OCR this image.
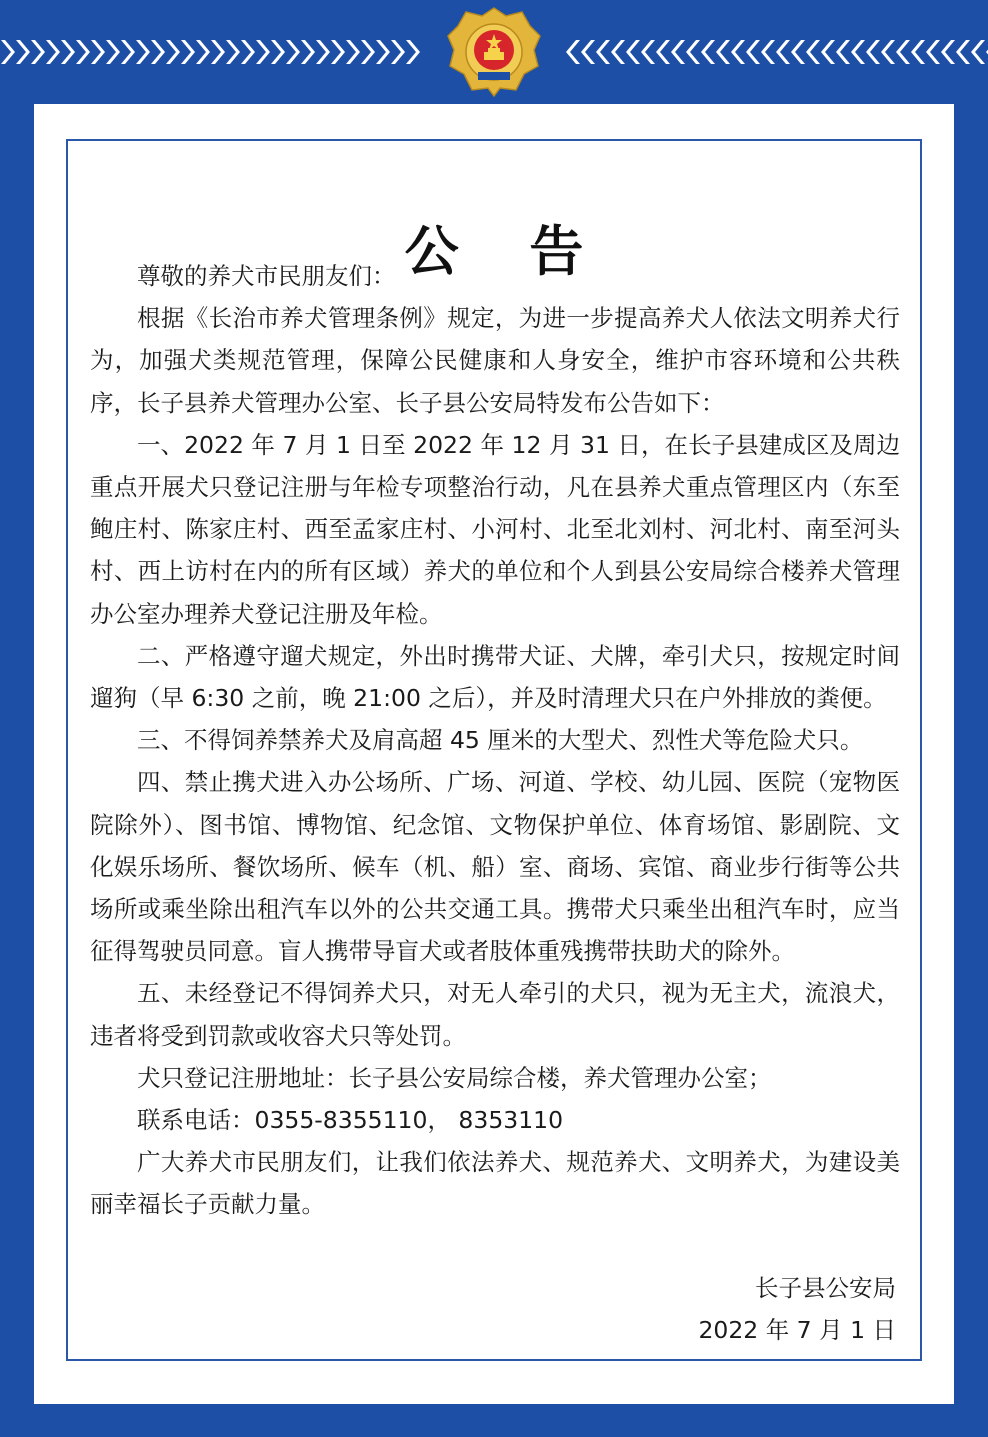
公 告

尊敬的养犬市民朋友们：

根据《长治市养犬管理条例》规定，为进一步提高养犬人依法文明养犬行为，加强犬类规范管理，保障公民健康和人身安全，维护市容环境和公共秩序，长子县养犬管理办公室、长子县公安局特发布公告如下：

一、2022 年 7 月 1 日至 2022 年 12 月 31 日，在长子县建成区及周边重点开展犬只登记注册与年检专项整治行动，凡在县养犬重点管理区内（东至鲍庄村、陈家庄村、西至孟家庄村、小河村、北至北刘村、河北村、南至河头村、西上访村在内的所有区域）养犬的单位和个人到县公安局综合楼养犬管理办公室办理养犬登记注册及年检。

二、严格遵守遛犬规定，外出时携带犬证、犬牌，牵引犬只，按规定时间遛狗（早 6:30 之前，晚 21:00 之后），并及时清理犬只在户外排放的粪便。

三、不得饲养禁养犬及肩高超 45 厘米的大型犬、烈性犬等危险犬只。

四、禁止携犬进入办公场所、广场、河道、学校、幼儿园、医院（宠物医院除外）、图书馆、博物馆、纪念馆、文物保护单位、体育场馆、影剧院、文化娱乐场所、餐饮场所、候车（机、船）室、商场、宾馆、商业步行街等公共场所或乘坐除出租汽车以外的公共交通工具。携带犬只乘坐出租汽车时，应当征得驾驶员同意。盲人携带导盲犬或者肢体重残携带扶助犬的除外。

五、未经登记不得饲养犬只，对无人牵引的犬只，视为无主犬，流浪犬，违者将受到罚款或收容犬只等处罚。

犬只登记注册地址：长子县公安局综合楼，养犬管理办公室；

联系电话：0355-8355110， 8353110

广大养犬市民朋友们，让我们依法养犬、规范养犬、文明养犬，为建设美丽幸福长子贡献力量。

长子县公安局
2022 年 7 月 1 日
